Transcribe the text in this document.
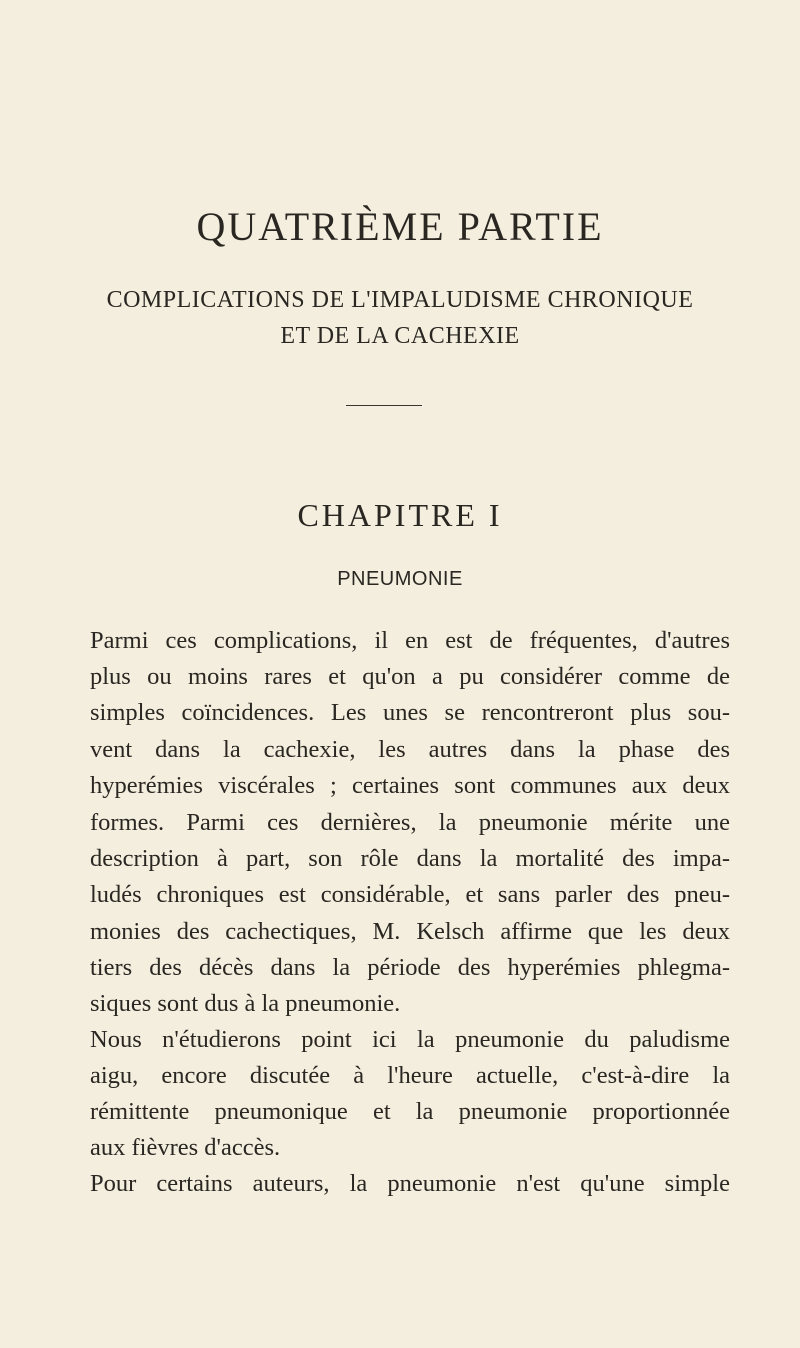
QUATRIÈME PARTIE
COMPLICATIONS DE L'IMPALUDISME CHRONIQUE
ET DE LA CACHEXIE
CHAPITRE I
PNEUMONIE
Parmi ces complications, il en est de fréquentes, d'autres
plus ou moins rares et qu'on a pu considérer comme de
simples coïncidences. Les unes se rencontreront plus sou-
vent dans la cachexie, les autres dans la phase des
hyperémies viscérales ; certaines sont communes aux deux
formes. Parmi ces dernières, la pneumonie mérite une
description à part, son rôle dans la mortalité des impa-
ludés chroniques est considérable, et sans parler des pneu-
monies des cachectiques, M. Kelsch affirme que les deux
tiers des décès dans la période des hyperémies phlegma-
siques sont dus à la pneumonie.
Nous n'étudierons point ici la pneumonie du paludisme
aigu, encore discutée à l'heure actuelle, c'est-à-dire la
rémittente pneumonique et la pneumonie proportionnée
aux fièvres d'accès.
Pour certains auteurs, la pneumonie n'est qu'une simple
